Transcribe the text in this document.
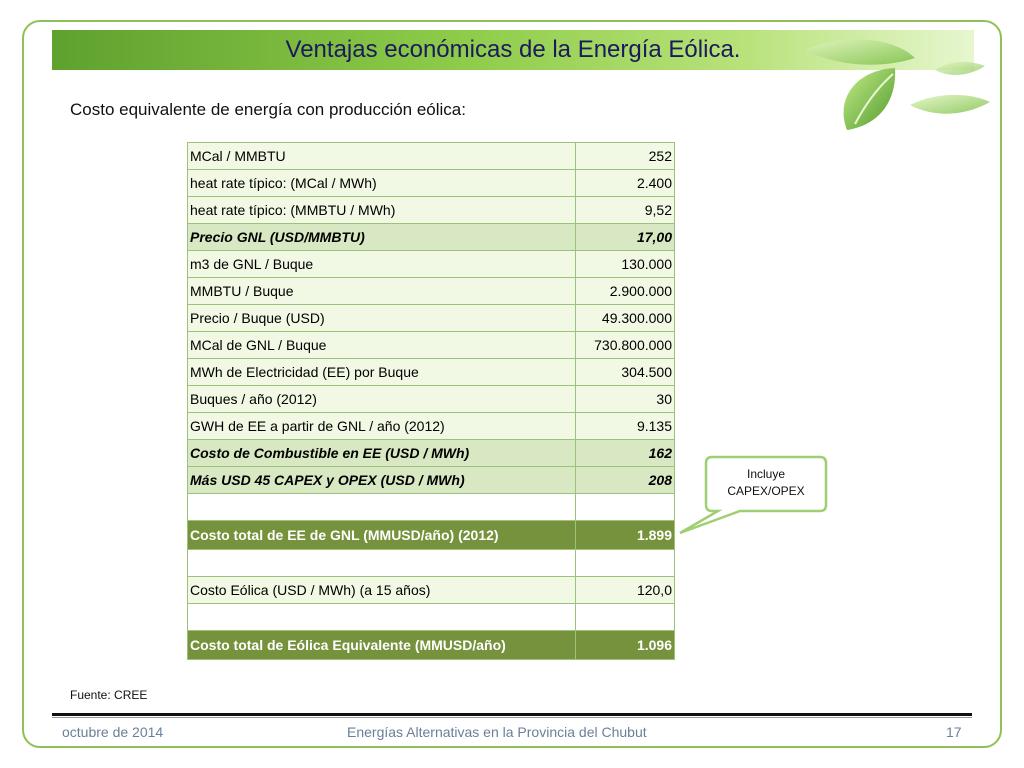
Ventajas económicas de la Energía Eólica.
Costo equivalente de energía con producción eólica:
MCal / MMBTU	252
heat rate típico: (MCal / MWh)	2.400
heat rate típico: (MMBTU / MWh)	9,52
Precio GNL (USD/MMBTU)	17,00
m3 de GNL / Buque	130.000
MMBTU / Buque	2.900.000
Precio / Buque (USD)	49.300.000
MCal de GNL / Buque	730.800.000
MWh de Electricidad (EE) por Buque	304.500
Buques / año (2012)	30
GWH de EE a partir de GNL / año (2012)	9.135
Costo de Combustible en EE (USD / MWh)	162
Más USD 45 CAPEX y OPEX (USD / MWh)	208

Costo total de EE de GNL (MMUSD/año) (2012)	1.899

Costo Eólica (USD / MWh) (a 15 años)	120,0

Costo total de Eólica Equivalente (MMUSD/año)	1.096
Incluye
CAPEX/OPEX
Fuente: CREE
octubre de 2014	Energías Alternativas en la Provincia del Chubut	17
